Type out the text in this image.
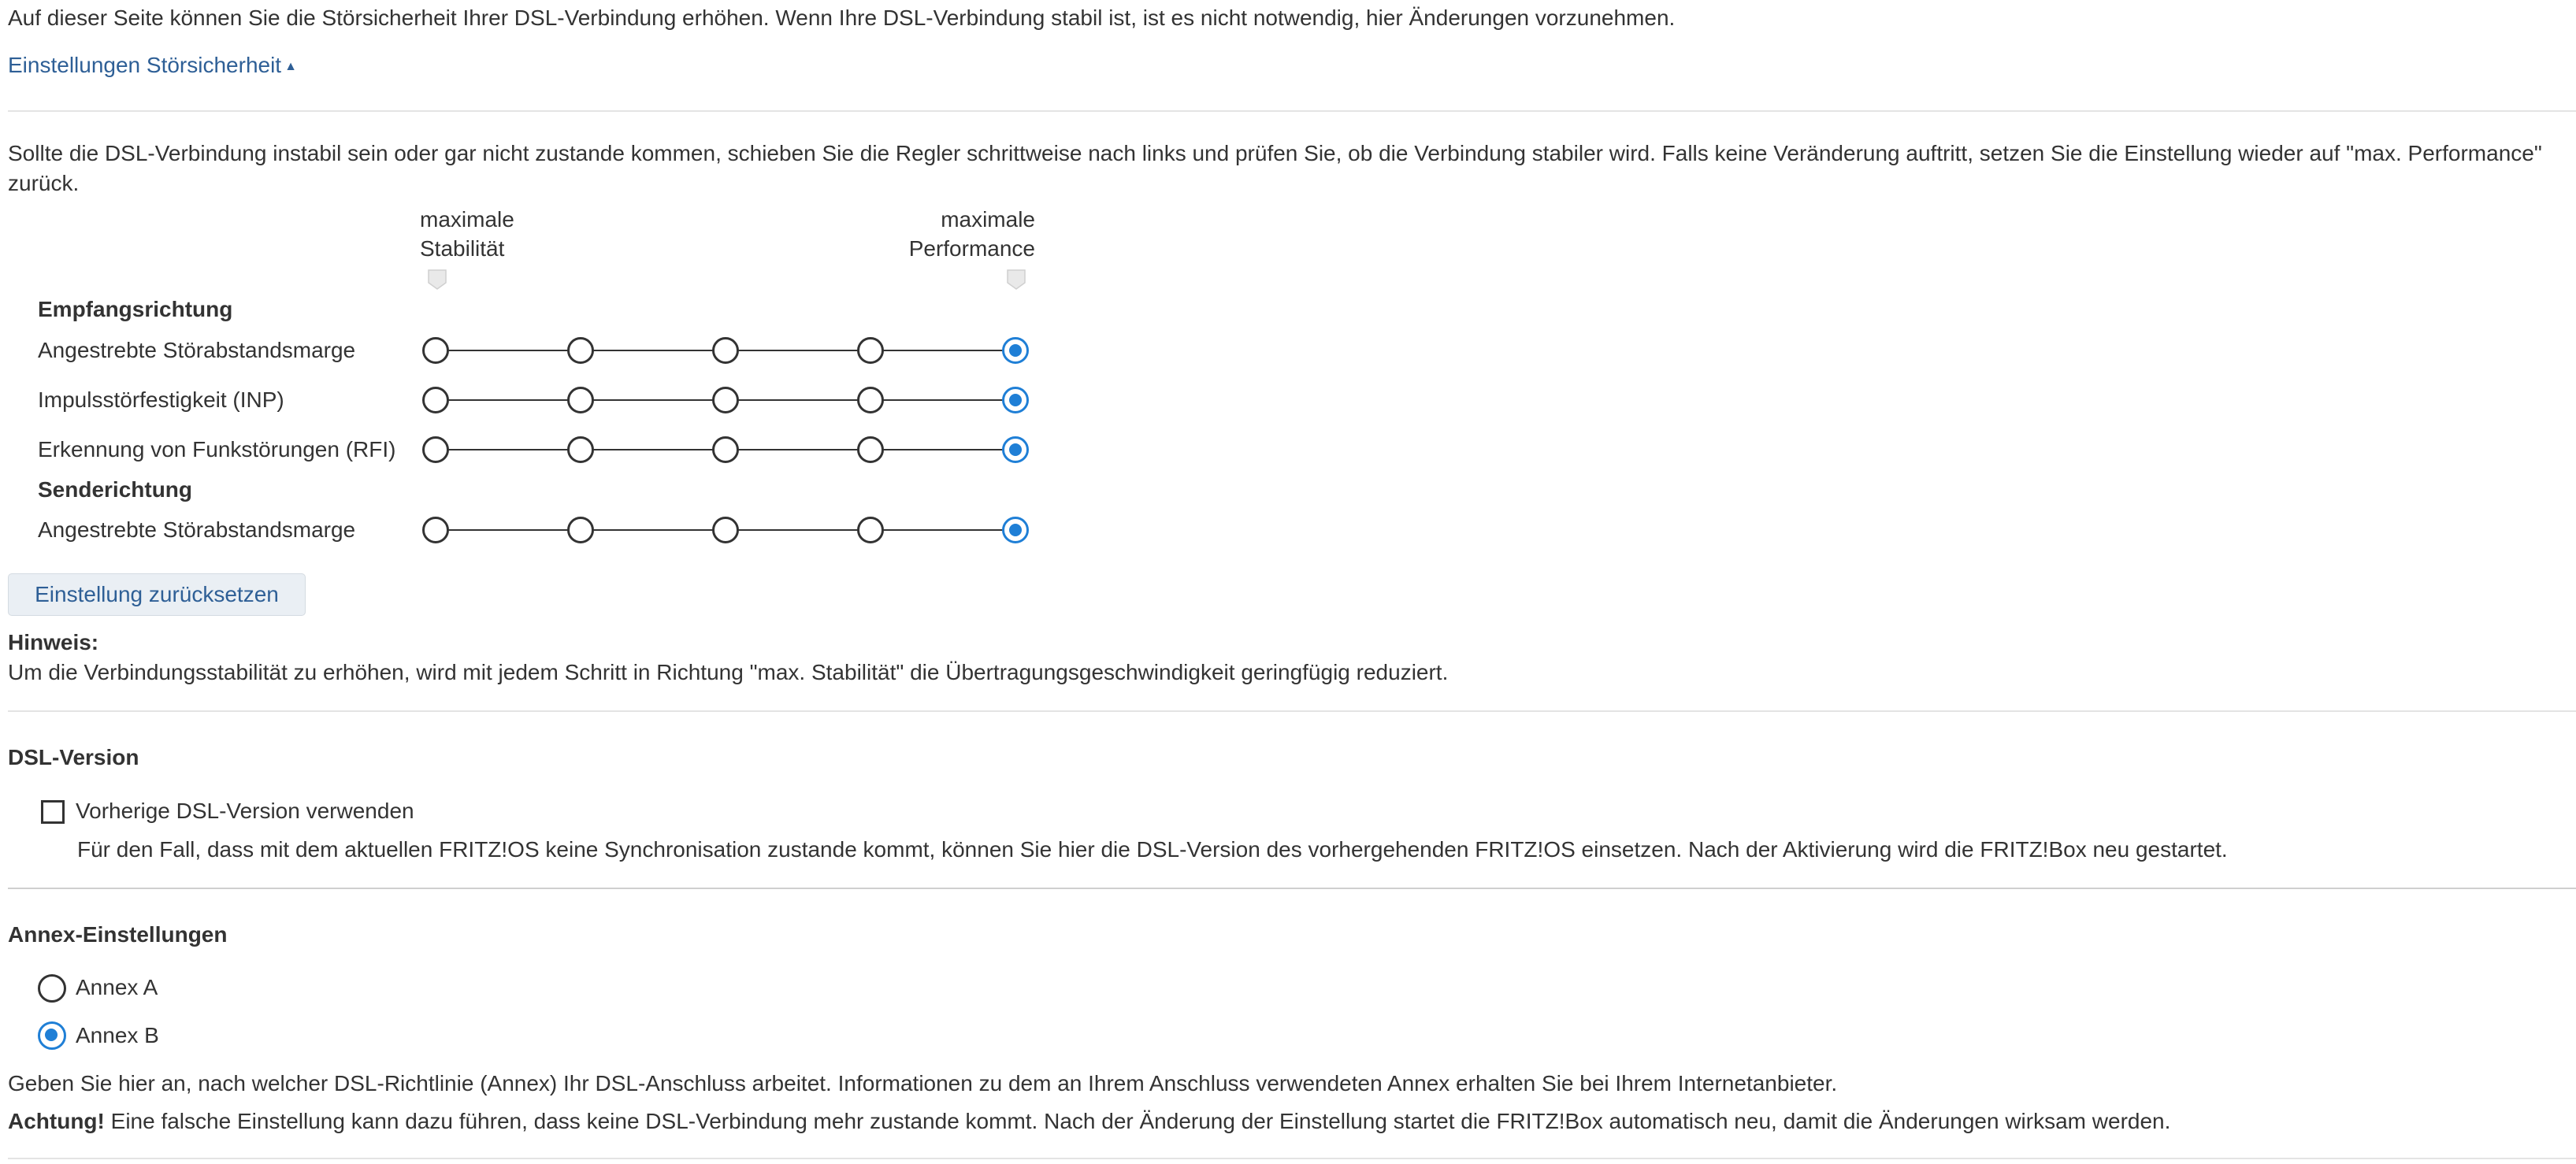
Auf dieser Seite können Sie die Störsicherheit Ihrer DSL-Verbindung erhöhen. Wenn Ihre DSL-Verbindung stabil ist, ist es nicht notwendig, hier Änderungen vorzunehmen.
Einstellungen Störsicherheit ▲
Sollte die DSL-Verbindung instabil sein oder gar nicht zustande kommen, schieben Sie die Regler schrittweise nach links und prüfen Sie, ob die Verbindung stabiler wird. Falls keine Veränderung auftritt, setzen Sie die Einstellung wieder auf "max. Performance" zurück.
maximale
Stabilität
maximale
Performance
Empfangsrichtung
Angestrebte Störabstandsmarge
Impulsstörfestigkeit (INP)
Erkennung von Funkstörungen (RFI)
Senderichtung
Angestrebte Störabstandsmarge
Einstellung zurücksetzen
Hinweis:
Um die Verbindungsstabilität zu erhöhen, wird mit jedem Schritt in Richtung "max. Stabilität" die Übertragungsgeschwindigkeit geringfügig reduziert.
DSL-Version
Vorherige DSL-Version verwenden
Für den Fall, dass mit dem aktuellen FRITZ!OS keine Synchronisation zustande kommt, können Sie hier die DSL-Version des vorhergehenden FRITZ!OS einsetzen. Nach der Aktivierung wird die FRITZ!Box neu gestartet.
Annex-Einstellungen
Annex A
Annex B
Geben Sie hier an, nach welcher DSL-Richtlinie (Annex) Ihr DSL-Anschluss arbeitet. Informationen zu dem an Ihrem Anschluss verwendeten Annex erhalten Sie bei Ihrem Internetanbieter.
Achtung! Eine falsche Einstellung kann dazu führen, dass keine DSL-Verbindung mehr zustande kommt. Nach der Änderung der Einstellung startet die FRITZ!Box automatisch neu, damit die Änderungen wirksam werden.
